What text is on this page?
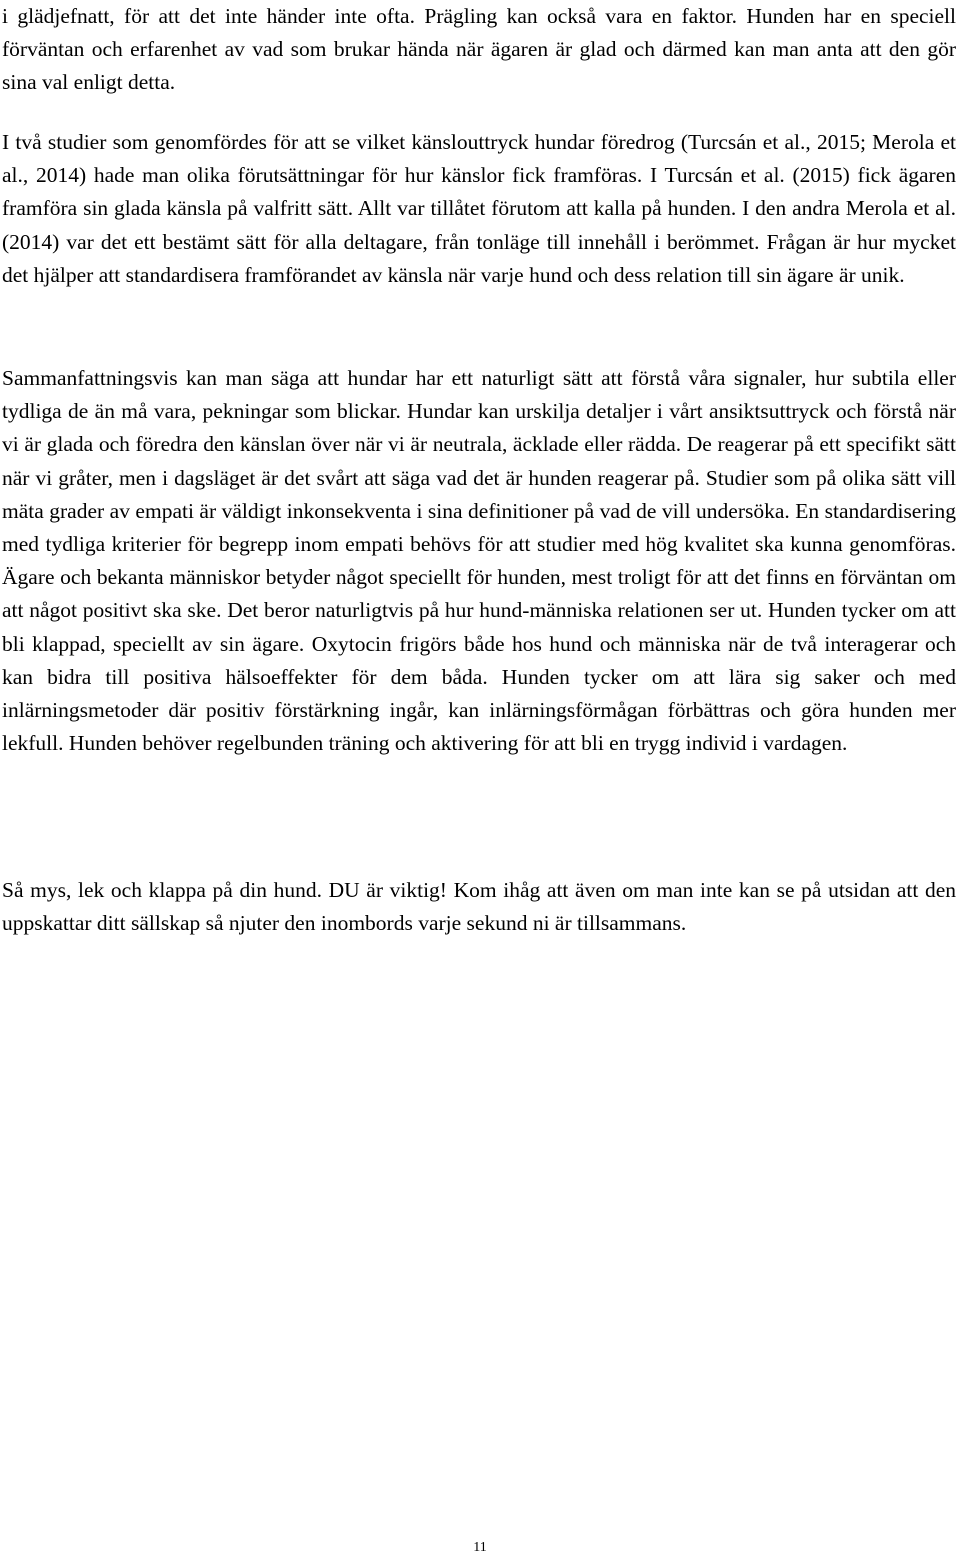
i glädjefnatt, för att det inte händer inte ofta. Prägling kan också vara en faktor. Hunden har en speciell förväntan och erfarenhet av vad som brukar hända när ägaren är glad och därmed kan man anta att den gör sina val enligt detta.

I två studier som genomfördes för att se vilket känslouttryck hundar föredrog (Turcsán et al., 2015; Merola et al., 2014) hade man olika förutsättningar för hur känslor fick framföras. I Turcsán et al. (2015) fick ägaren framföra sin glada känsla på valfritt sätt. Allt var tillåtet förutom att kalla på hunden. I den andra Merola et al. (2014) var det ett bestämt sätt för alla deltagare, från tonläge till innehåll i berömmet. Frågan är hur mycket det hjälper att standardisera framförandet av känsla när varje hund och dess relation till sin ägare är unik.

Sammanfattningsvis kan man säga att hundar har ett naturligt sätt att förstå våra signaler, hur subtila eller tydliga de än må vara, pekningar som blickar. Hundar kan urskilja detaljer i vårt ansiktsuttryck och förstå när vi är glada och föredra den känslan över när vi är neutrala, äcklade eller rädda. De reagerar på ett specifikt sätt när vi gråter, men i dagsläget är det svårt att säga vad det är hunden reagerar på. Studier som på olika sätt vill mäta grader av empati är väldigt inkonsekventa i sina definitioner på vad de vill undersöka. En standardisering med tydliga kriterier för begrepp inom empati behövs för att studier med hög kvalitet ska kunna genomföras. Ägare och bekanta människor betyder något speciellt för hunden, mest troligt för att det finns en förväntan om att något positivt ska ske. Det beror naturligtvis på hur hund-människa relationen ser ut. Hunden tycker om att bli klappad, speciellt av sin ägare. Oxytocin frigörs både hos hund och människa när de två interagerar och kan bidra till positiva hälsoeffekter för dem båda. Hunden tycker om att lära sig saker och med inlärningsmetoder där positiv förstärkning ingår, kan inlärningsförmågan förbättras och göra hunden mer lekfull. Hunden behöver regelbunden träning och aktivering för att bli en trygg individ i vardagen.

Så mys, lek och klappa på din hund. DU är viktig! Kom ihåg att även om man inte kan se på utsidan att den uppskattar ditt sällskap så njuter den inombords varje sekund ni är tillsammans.

11
